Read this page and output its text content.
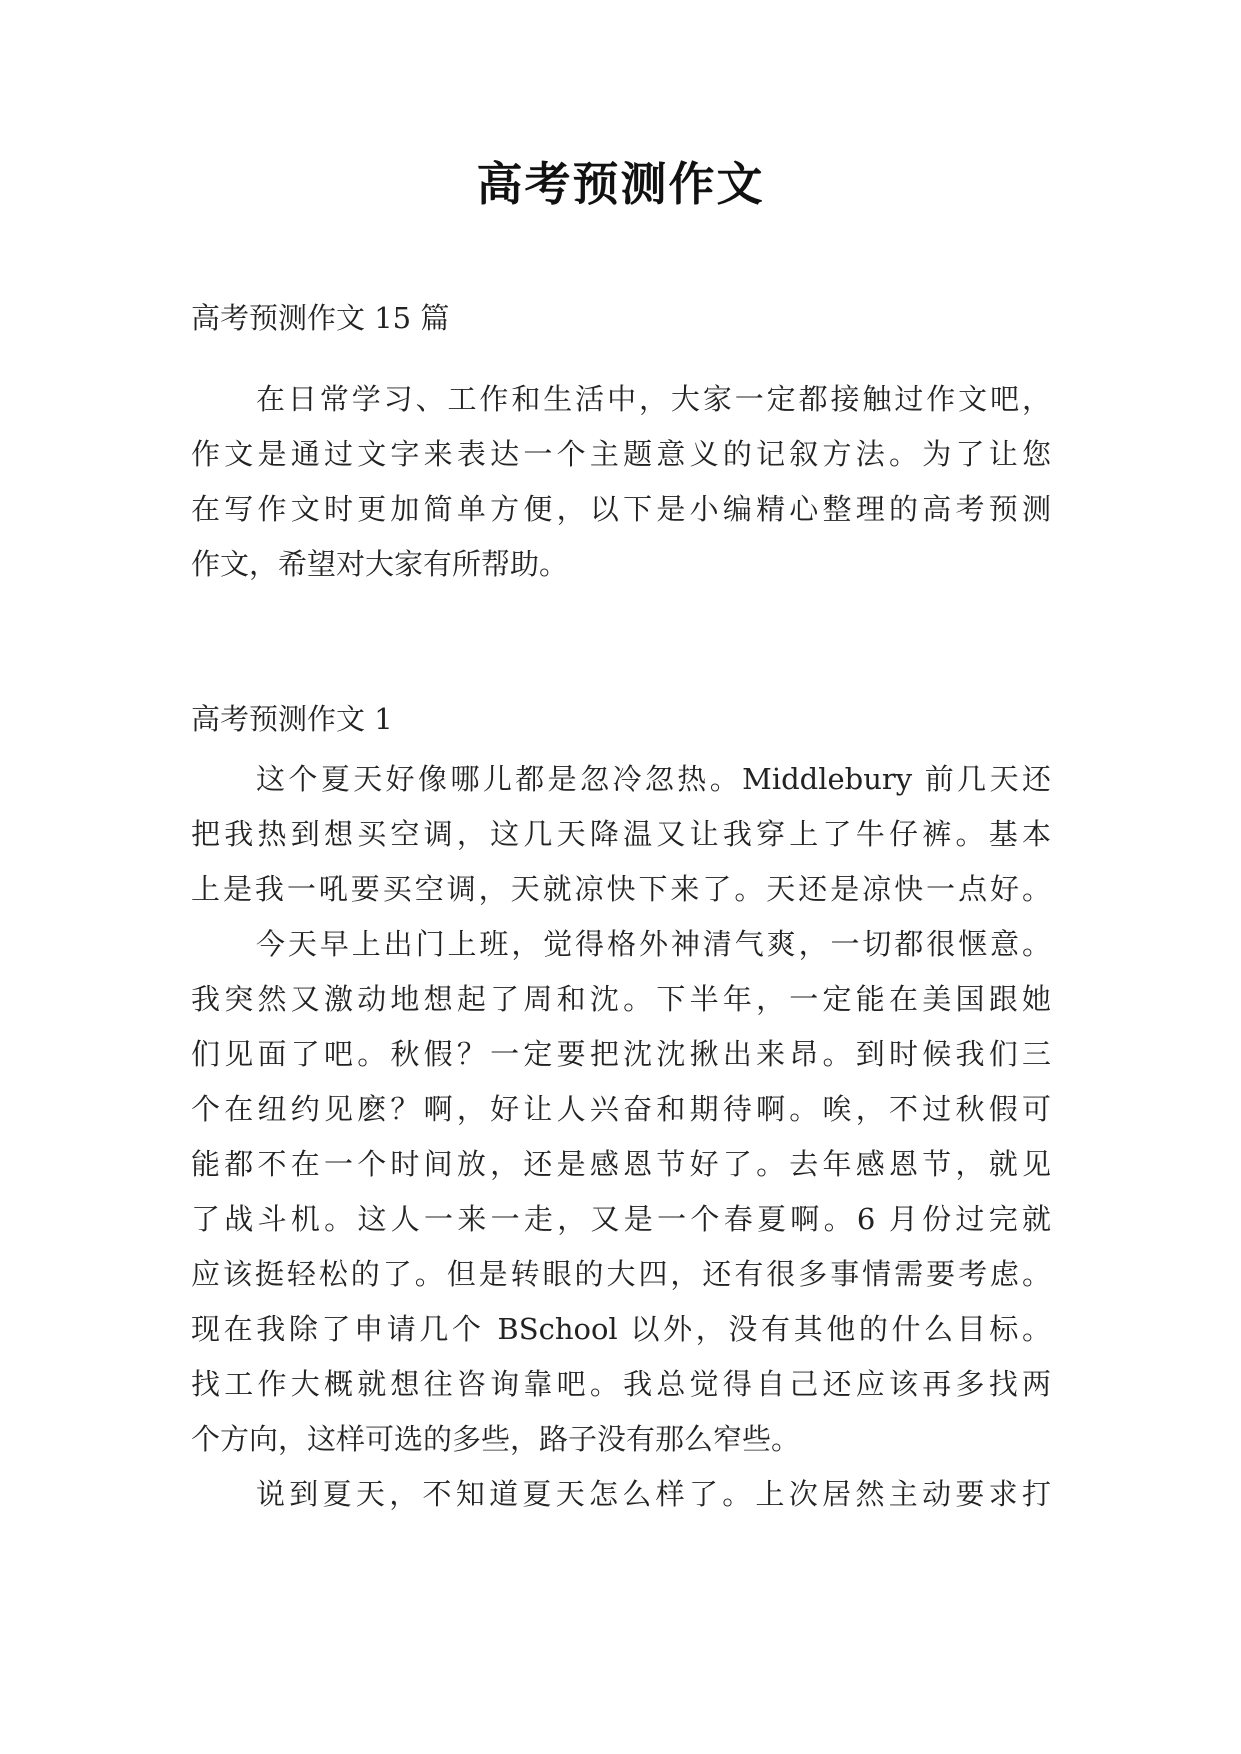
高考预测作文
高考预测作文 15 篇
在日常学习、工作和生活中，大家一定都接触过作文吧，
作文是通过文字来表达一个主题意义的记叙方法。为了让您
在写作文时更加简单方便，以下是小编精心整理的高考预测
作文，希望对大家有所帮助。
高考预测作文 1
这个夏天好像哪儿都是忽冷忽热。Middlebury 前几天还
把我热到想买空调，这几天降温又让我穿上了牛仔裤。基本
上是我一吼要买空调，天就凉快下来了。天还是凉快一点好。
今天早上出门上班，觉得格外神清气爽，一切都很惬意。
我突然又激动地想起了周和沈。下半年，一定能在美国跟她
们见面了吧。秋假？一定要把沈沈揪出来昂。到时候我们三
个在纽约见麽？啊，好让人兴奋和期待啊。唉，不过秋假可
能都不在一个时间放，还是感恩节好了。去年感恩节，就见
了战斗机。这人一来一走，又是一个春夏啊。6 月份过完就
应该挺轻松的了。但是转眼的大四，还有很多事情需要考虑。
现在我除了申请几个 BSchool 以外，没有其他的什么目标。
找工作大概就想往咨询靠吧。我总觉得自己还应该再多找两
个方向，这样可选的多些，路子没有那么窄些。
说到夏天，不知道夏天怎么样了。上次居然主动要求打
